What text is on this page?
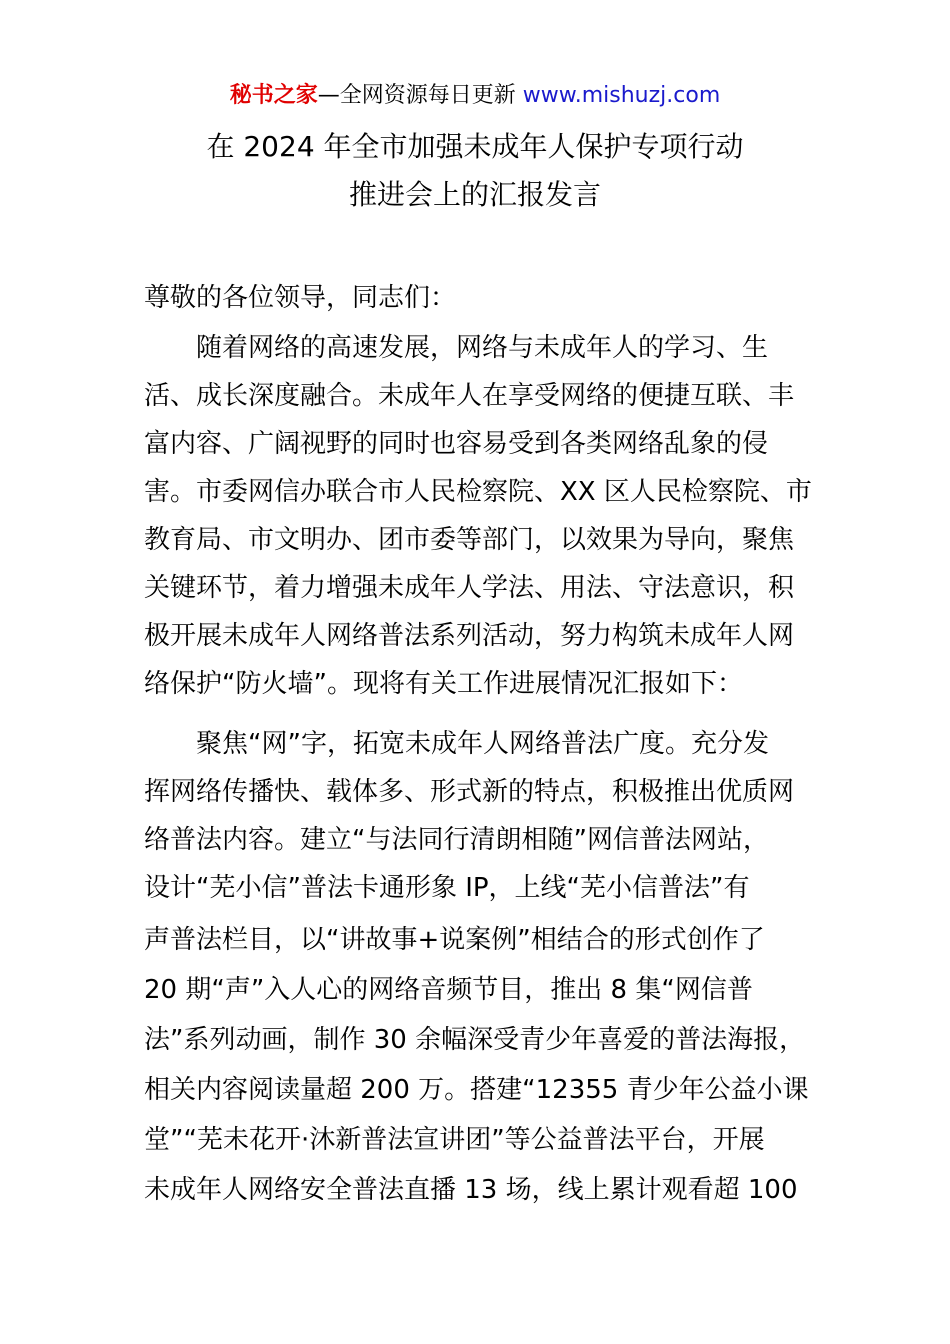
秘书之家—全网资源每日更新 www.mishuzj.com
在 2024 年全市加强未成年人保护专项行动
推进会上的汇报发言
尊敬的各位领导，同志们：
　　随着网络的高速发展，网络与未成年人的学习、生
活、成长深度融合。未成年人在享受网络的便捷互联、丰
富内容、广阔视野的同时也容易受到各类网络乱象的侵
害。市委网信办联合市人民检察院、XX 区人民检察院、市
教育局、市文明办、团市委等部门，以效果为导向，聚焦
关键环节，着力增强未成年人学法、用法、守法意识，积
极开展未成年人网络普法系列活动，努力构筑未成年人网
络保护“防火墙”。现将有关工作进展情况汇报如下：
　　聚焦“网”字，拓宽未成年人网络普法广度。充分发
挥网络传播快、载体多、形式新的特点，积极推出优质网
络普法内容。建立“与法同行清朗相随”网信普法网站，
设计“芜小信”普法卡通形象 IP，上线“芜小信普法”有
声普法栏目，以“讲故事+说案例”相结合的形式创作了
20 期“声”入人心的网络音频节目，推出 8 集“网信普
法”系列动画，制作 30 余幅深受青少年喜爱的普法海报，
相关内容阅读量超 200 万。搭建“12355 青少年公益小课
堂”“芜未花开·沐新普法宣讲团”等公益普法平台，开展
未成年人网络安全普法直播 13 场，线上累计观看超 100
